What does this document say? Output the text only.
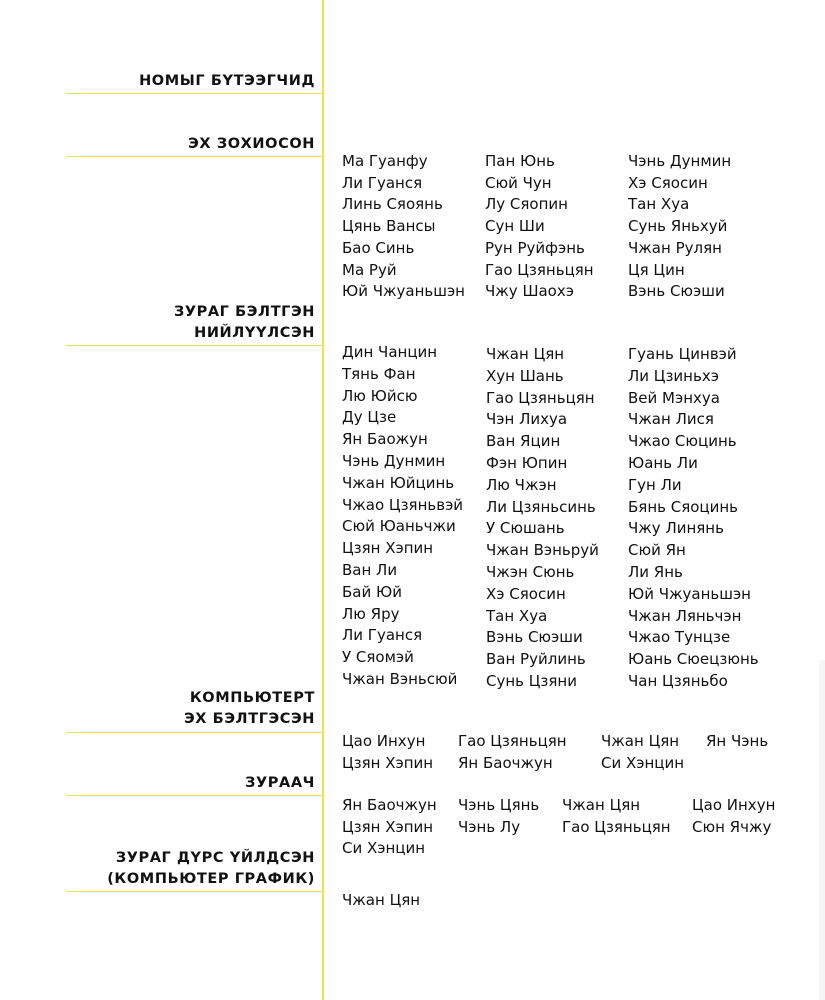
НОМЫГ БҮТЭЭГЧИД
ЭХ ЗОХИОСОН
ЗУРАГ БЭЛТГЭН
НИЙЛҮҮЛСЭН
КОМПЬЮТЕРТ
ЭХ БЭЛТГЭСЭН
ЗУРААЧ
ЗУРАГ ДҮРС ҮЙЛДСЭН
(КОМПЬЮТЕР ГРАФИК)
Ма Гуанфу
Ли Гуанся
Линь Сяоянь
Цянь Вансы
Бао Синь
Ма Руй
Юй Чжуаньшэн
Пан Юнь
Сюй Чун
Лу Сяопин
Сун Ши
Рун Руйфэнь
Гао Цзяньцян
Чжу Шаохэ
Чэнь Дунмин
Хэ Сяосин
Тан Хуа
Сунь Яньхуй
Чжан Рулян
Ця Цин
Вэнь Сюэши
Дин Чанцин
Тянь Фан
Лю Юйсю
Ду Цзе
Ян Баожун
Чэнь Дунмин
Чжан Юйцинь
Чжао Цзяньвэй
Сюй Юаньчжи
Цзян Хэпин
Ван Ли
Бай Юй
Лю Яру
Ли Гуанся
У Сяомэй
Чжан Вэньсюй
Чжан Цян
Хун Шань
Гао Цзяньцян
Чэн Лихуа
Ван Яцин
Фэн Юпин
Лю Чжэн
Ли Цзяньсинь
У Сюшань
Чжан Вэньруй
Чжэн Сюнь
Хэ Сяосин
Тан Хуа
Вэнь Сюэши
Ван Руйлинь
Сунь Цзяни
Гуань Цинвэй
Ли Цзиньхэ
Вей Мэнхуа
Чжан Лися
Чжао Сюцинь
Юань Ли
Гун Ли
Бянь Сяоцинь
Чжу Линянь
Сюй Ян
Ли Янь
Юй Чжуаньшэн
Чжан Ляньчэн
Чжао Тунцзе
Юань Сюецзюнь
Чан Цзяньбо
Цао Инхун
Цзян Хэпин
Гао Цзяньцян
Ян Баочжун
Чжан Цян
Си Хэнцин
Ян Чэнь
Ян Баочжун
Цзян Хэпин
Си Хэнцин
Чэнь Цянь
Чэнь Лу
Чжан Цян
Гао Цзяньцян
Цао Инхун
Сюн Ячжу
Чжан Цян
